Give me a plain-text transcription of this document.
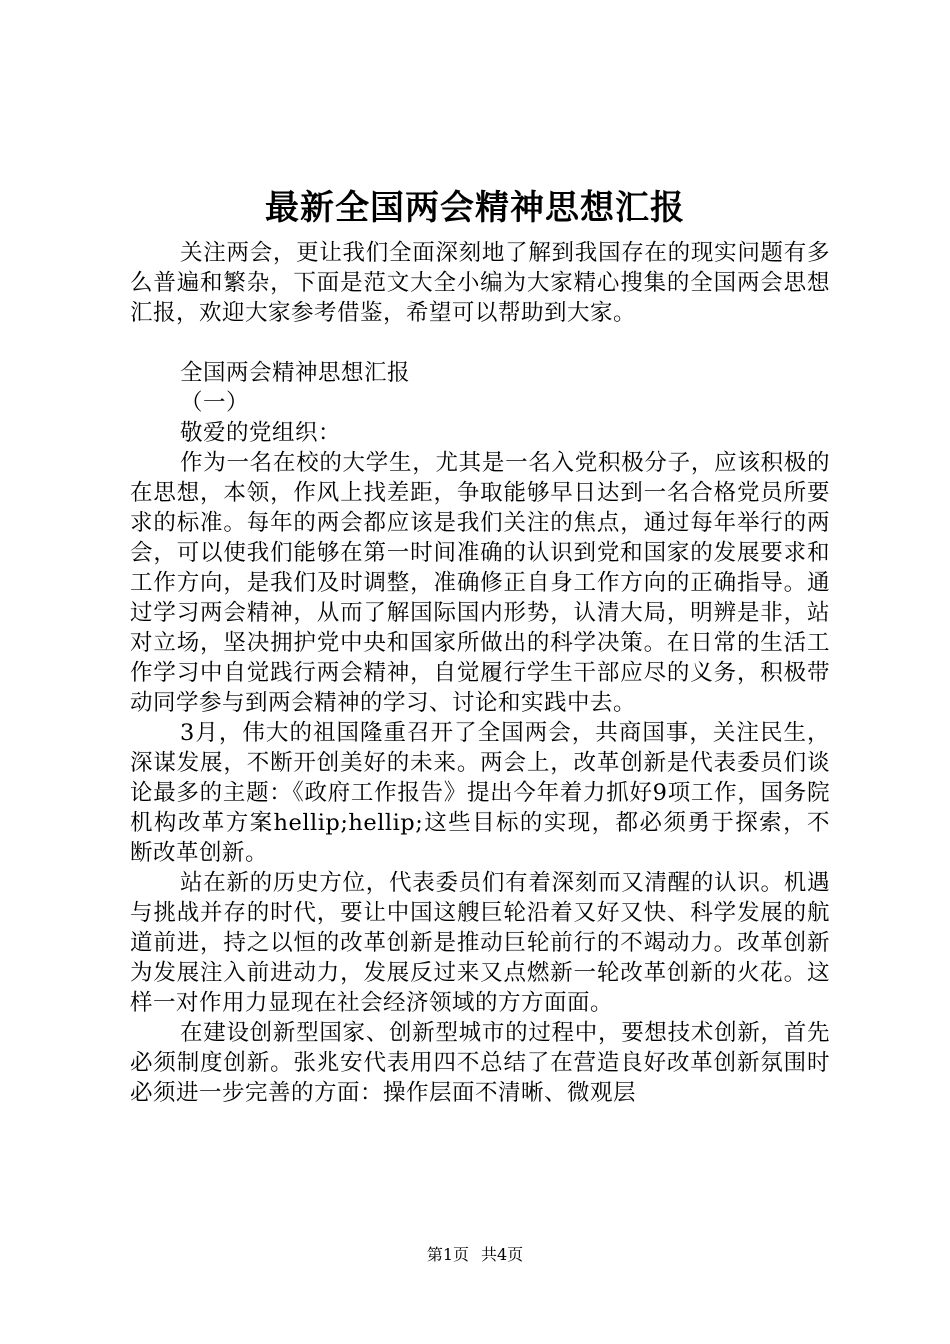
最新全国两会精神思想汇报

关注两会，更让我们全面深刻地了解到我国存在的现实问题有多么普遍和繁杂，下面是范文大全小编为大家精心搜集的全国两会思想汇报，欢迎大家参考借鉴，希望可以帮助到大家。

全国两会精神思想汇报

（一）

敬爱的党组织：

作为一名在校的大学生，尤其是一名入党积极分子，应该积极的在思想，本领，作风上找差距，争取能够早日达到一名合格党员所要求的标准。每年的两会都应该是我们关注的焦点，通过每年举行的两会，可以使我们能够在第一时间准确的认识到党和国家的发展要求和工作方向，是我们及时调整，准确修正自身工作方向的正确指导。通过学习两会精神，从而了解国际国内形势，认清大局，明辨是非，站对立场，坚决拥护党中央和国家所做出的科学决策。在日常的生活工作学习中自觉践行两会精神，自觉履行学生干部应尽的义务，积极带动同学参与到两会精神的学习、讨论和实践中去。

3月，伟大的祖国隆重召开了全国两会，共商国事，关注民生，深谋发展，不断开创美好的未来。两会上，改革创新是代表委员们谈论最多的主题：《政府工作报告》提出今年着力抓好9项工作，国务院机构改革方案hellip;hellip;这些目标的实现，都必须勇于探索，不断改革创新。

站在新的历史方位，代表委员们有着深刻而又清醒的认识。机遇与挑战并存的时代，要让中国这艘巨轮沿着又好又快、科学发展的航道前进，持之以恒的改革创新是推动巨轮前行的不竭动力。改革创新为发展注入前进动力，发展反过来又点燃新一轮改革创新的火花。这样一对作用力显现在社会经济领域的方方面面。

在建设创新型国家、创新型城市的过程中，要想技术创新，首先必须制度创新。张兆安代表用四不总结了在营造良好改革创新氛围时必须进一步完善的方面：操作层面不清晰、微观层

第1页 共4页
